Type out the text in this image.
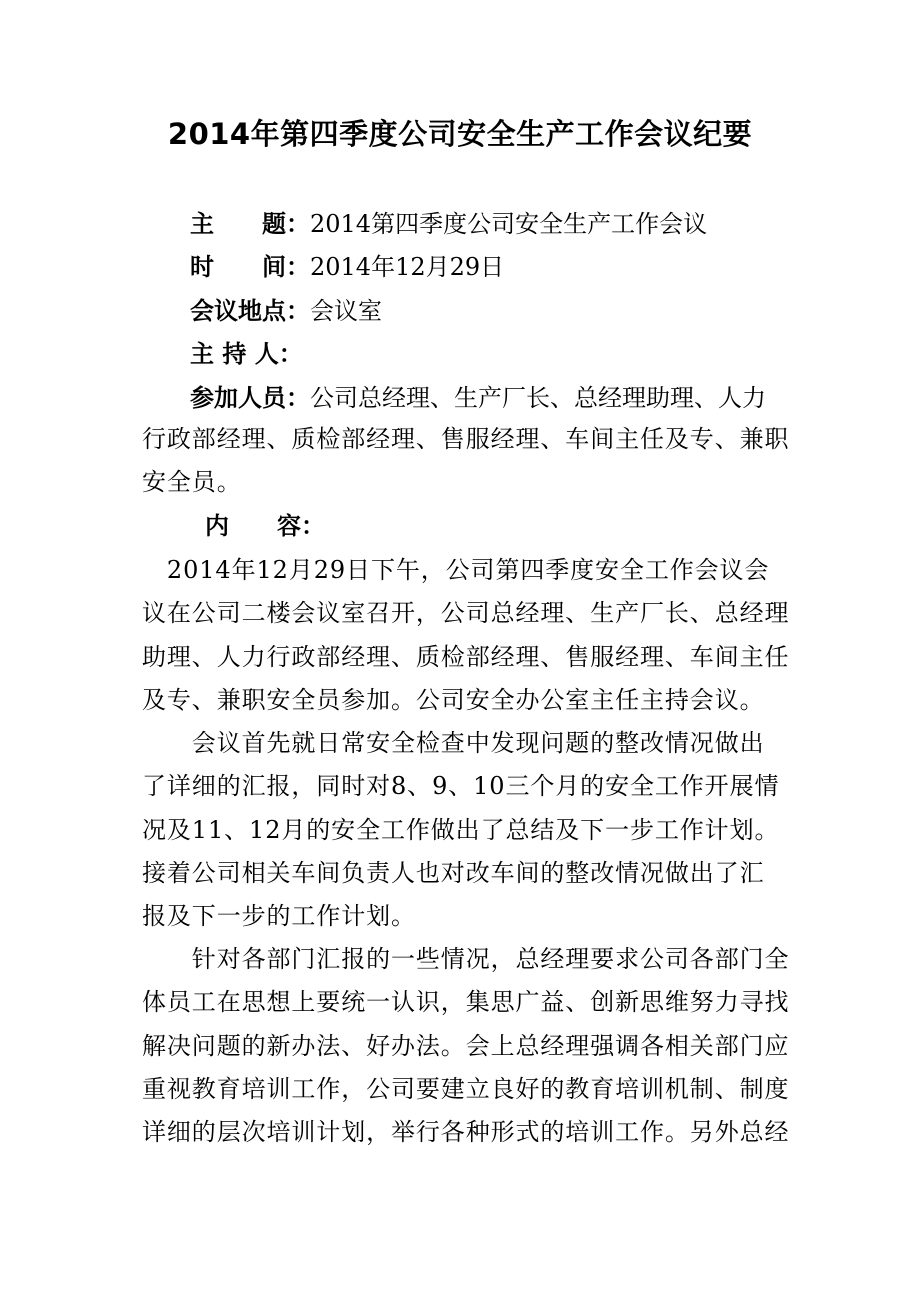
2014年第四季度公司安全生产工作会议纪要
主　　题：2014第四季度公司安全生产工作会议
时　　间：2014年12月29日
会议地点：会议室
主 持 人：
参加人员：公司总经理、生产厂长、总经理助理、人力
行政部经理、质检部经理、售服经理、车间主任及专、兼职
安全员。
内　　容：
　2014年12月29日下午，公司第四季度安全工作会议会
议在公司二楼会议室召开，公司总经理、生产厂长、总经理
助理、人力行政部经理、质检部经理、售服经理、车间主任
及专、兼职安全员参加。公司安全办公室主任主持会议。
　　会议首先就日常安全检查中发现问题的整改情况做出
了详细的汇报，同时对8、9、10三个月的安全工作开展情
况及11、12月的安全工作做出了总结及下一步工作计划。
接着公司相关车间负责人也对改车间的整改情况做出了汇
报及下一步的工作计划。
　　针对各部门汇报的一些情况，总经理要求公司各部门全
体员工在思想上要统一认识，集思广益、创新思维努力寻找
解决问题的新办法、好办法。会上总经理强调各相关部门应
重视教育培训工作，公司要建立良好的教育培训机制、制度
详细的层次培训计划，举行各种形式的培训工作。另外总经
